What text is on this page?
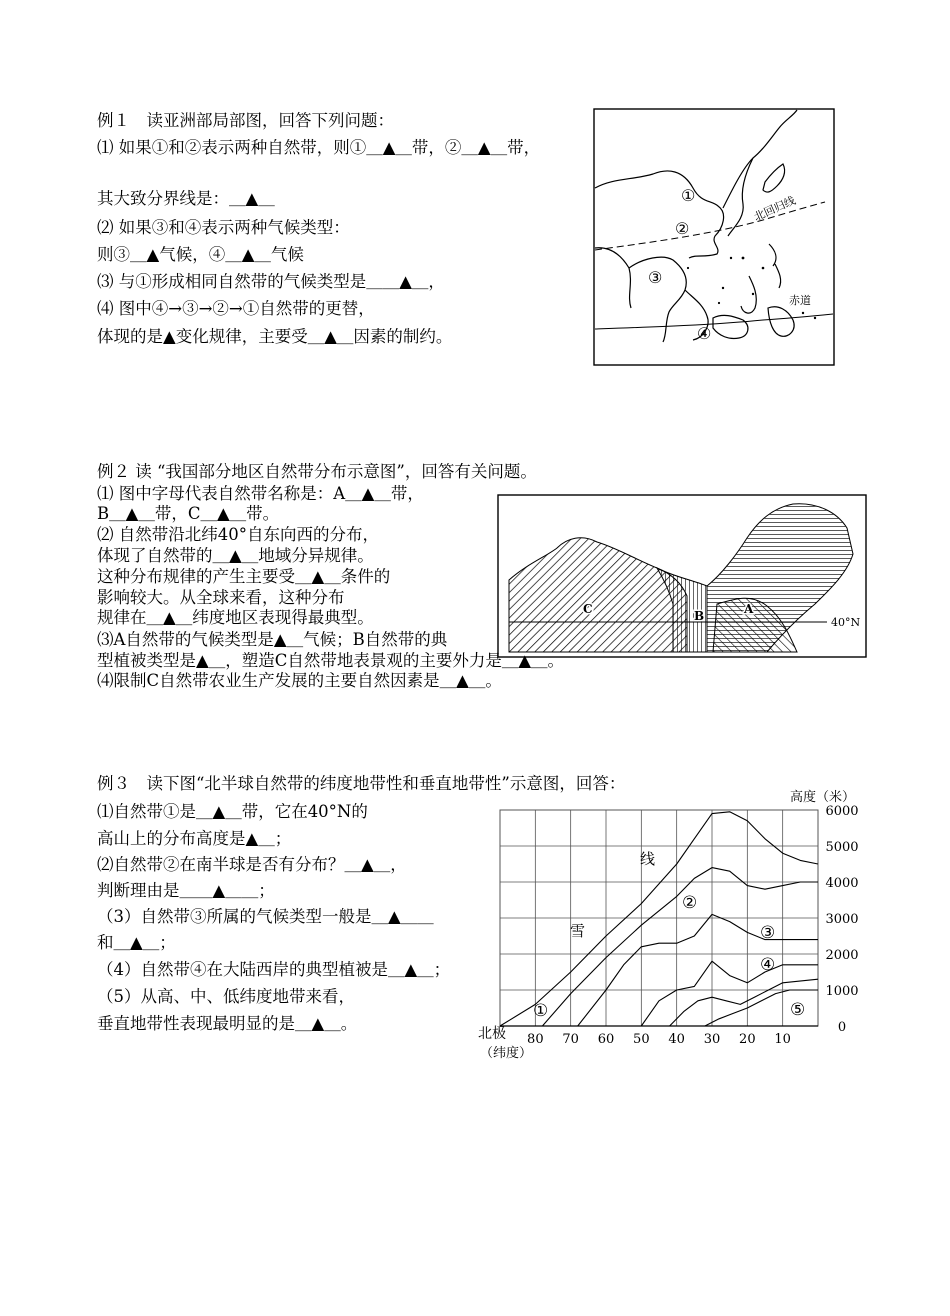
例１　读亚洲部局部图，回答下列问题：
⑴ 如果①和②表示两种自然带，则①＿▲＿带，②＿▲＿带，
其大致分界线是：＿▲＿
⑵ 如果③和④表示两种气候类型：
则③＿▲气候，④＿▲＿气候
⑶ 与①形成相同自然带的气候类型是＿＿▲＿，
⑷ 图中④→③→②→①自然带的更替，
体现的是▲变化规律，主要受＿▲＿因素的制约。
北回归线
赤道
①
②
③
④
例２ 读 “我国部分地区自然带分布示意图”，回答有关问题。
⑴ 图中字母代表自然带名称是：A＿▲＿带，
B＿▲＿带，C＿▲＿带。
⑵ 自然带沿北纬40°自东向西的分布，
体现了自然带的＿▲＿地域分异规律。
这种分布规律的产生主要受＿▲＿条件的
影响较大。从全球来看，这种分布
规律在＿▲＿纬度地区表现得最典型。	40°N
A
B
C
⑶A自然带的气候类型是▲＿气候；B自然带的典
型植被类型是▲＿，塑造C自然带地表景观的主要外力是＿▲＿。
⑷限制C自然带农业生产发展的主要自然因素是＿▲＿。
例３　读下图“北半球自然带的纬度地带性和垂直地带性”示意图，回答：
⑴自然带①是＿▲＿带，它在40°N的
高山上的分布高度是▲＿；
⑵自然带②在南半球是否有分布？＿▲＿，
判断理由是＿＿▲＿＿；
（3）自然带③所属的气候类型一般是＿▲＿＿
和＿▲＿；
（4）自然带④在大陆西岸的典型植被是＿▲＿；
（5）从高、中、低纬度地带来看，
垂直地带性表现最明显的是＿▲＿。
80 70 60 50 40 30 20 10
0
1000
2000
3000
4000
5000
6000
高度（米）
北极
（纬度）
线
雪
①
②
③
④
⑤
